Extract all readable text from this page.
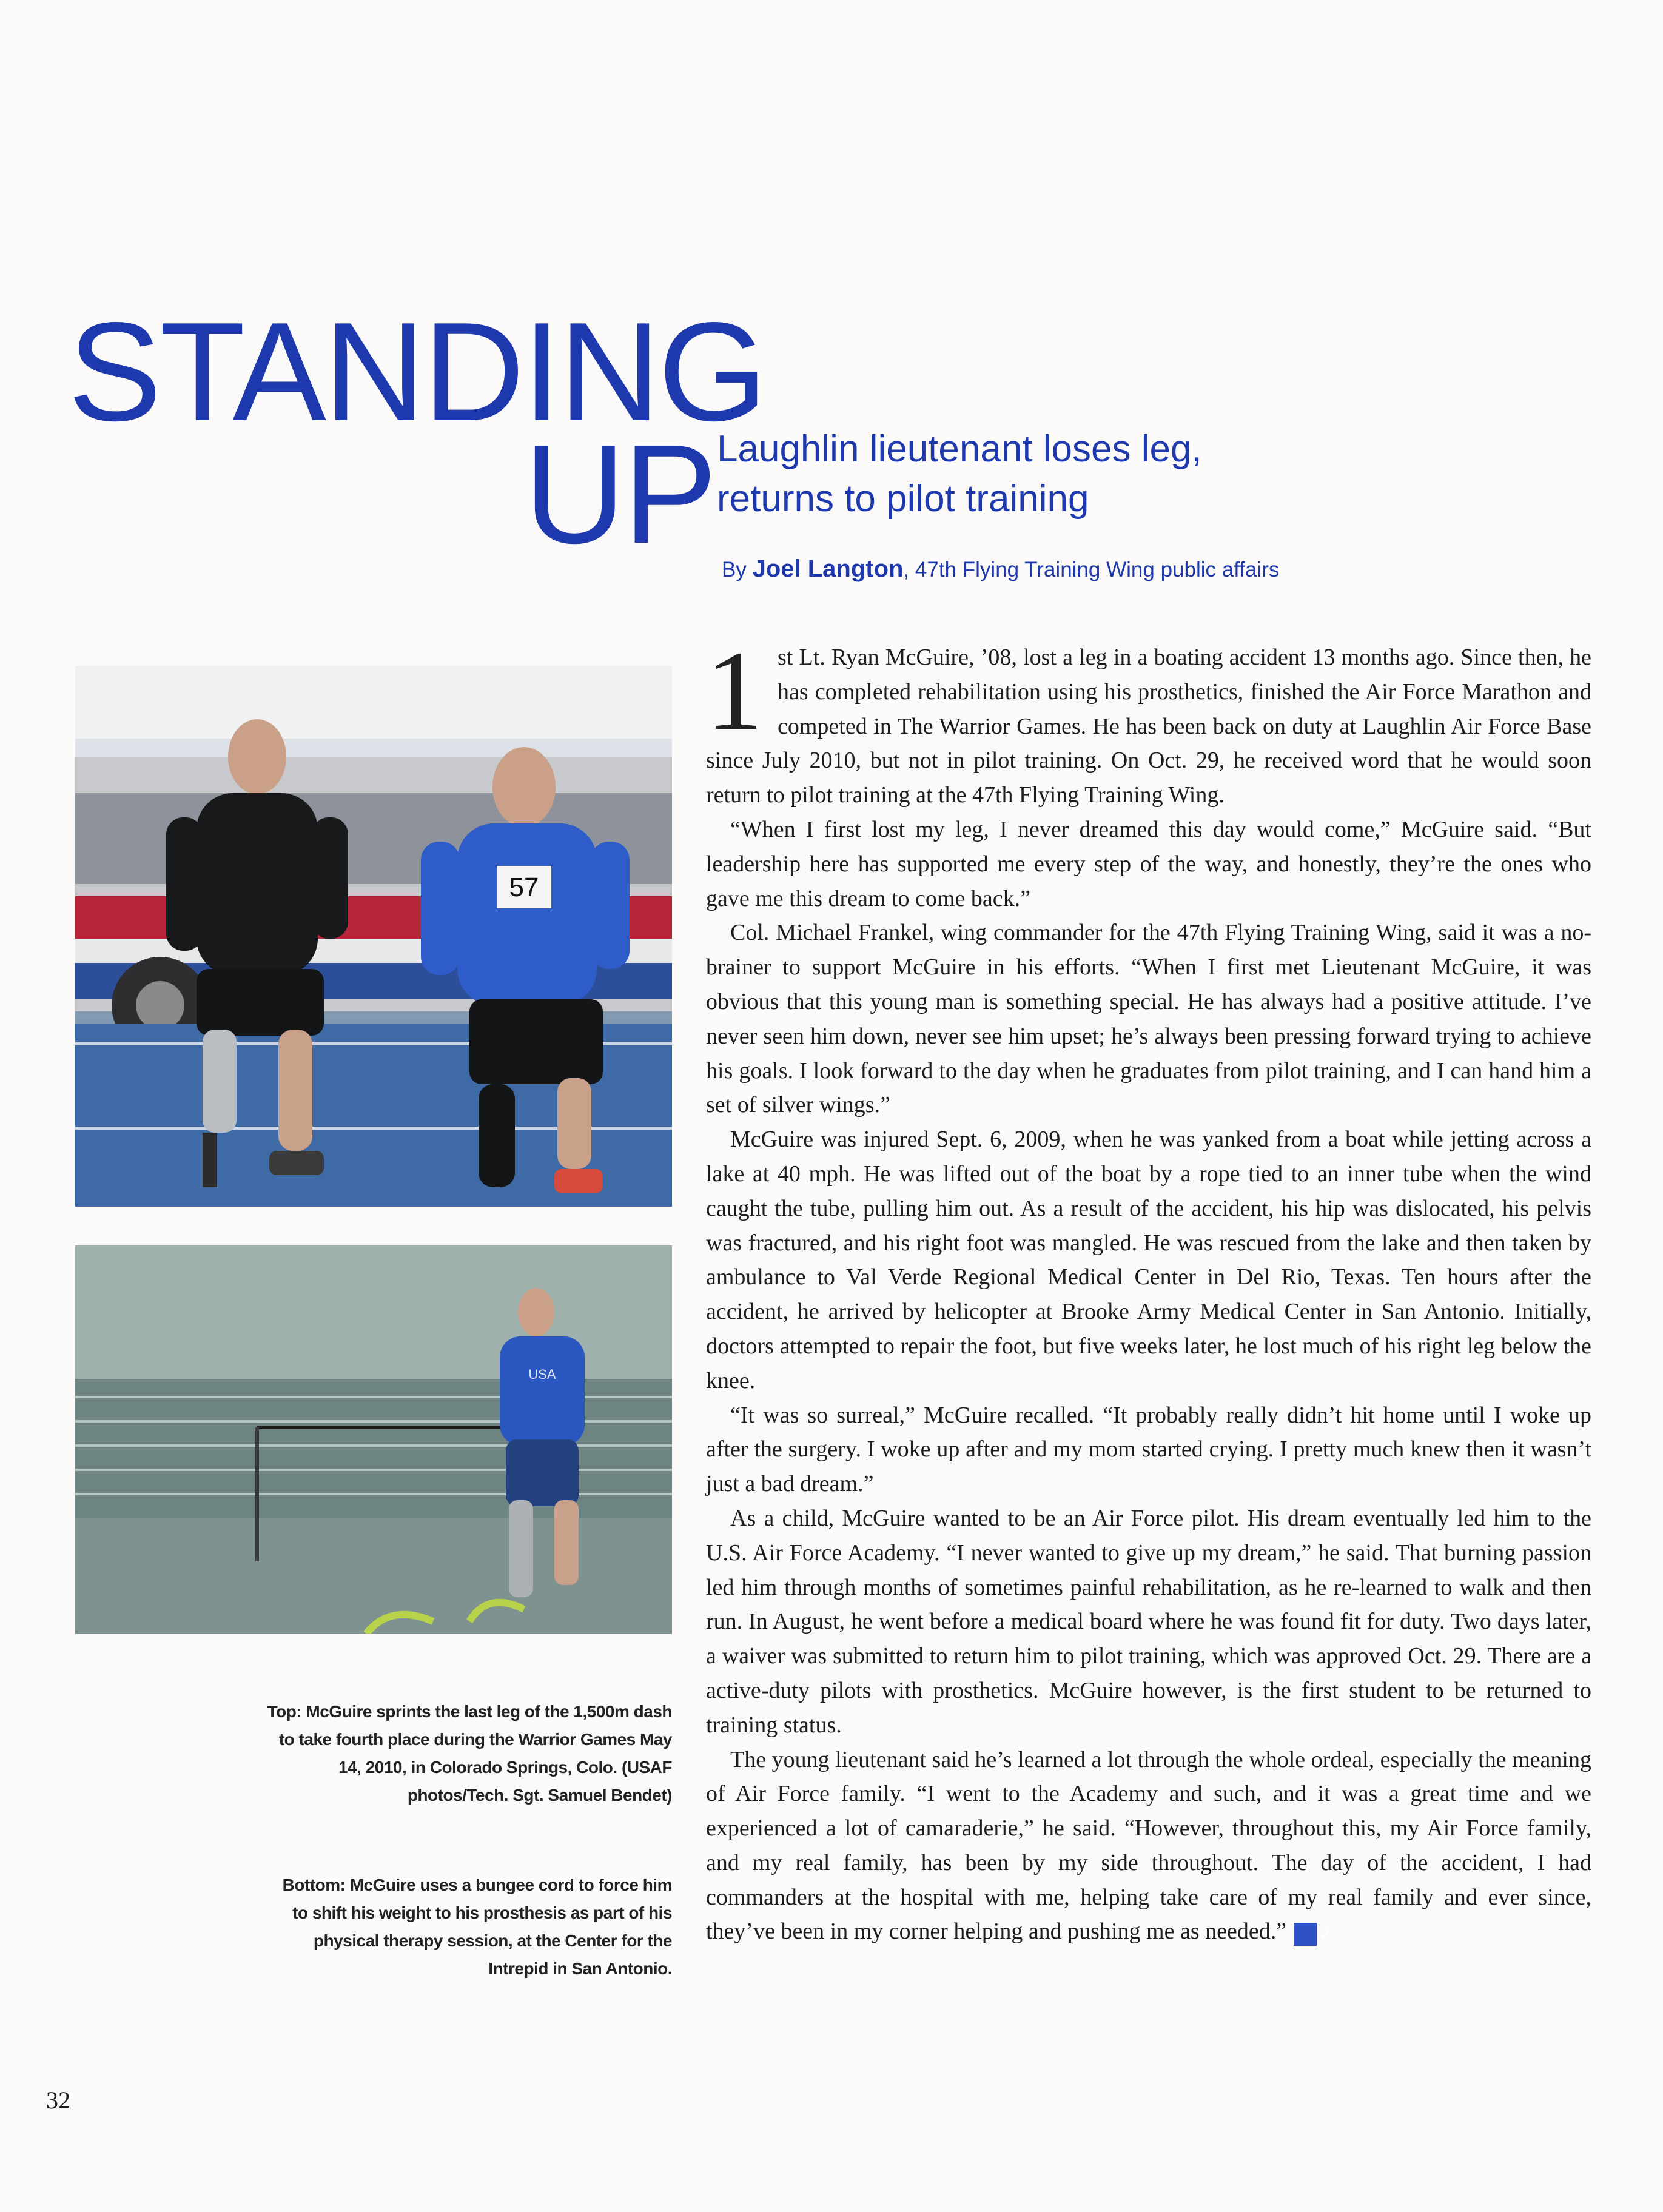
STANDING
UP Laughlin lieutenant loses leg,
returns to pilot training

By Joel Langton, 47th Flying Training Wing public affairs

57
USA

Top: McGuire sprints the last leg of the 1,500m dash to take fourth place during the Warrior Games May 14, 2010, in Colorado Springs, Colo. (USAF photos/Tech. Sgt. Samuel Bendet)

Bottom: McGuire uses a bungee cord to force him to shift his weight to his prosthesis as part of his physical therapy session, at the Center for the Intrepid in San Antonio.

1 st Lt. Ryan McGuire, ’08, lost a leg in a boating accident 13 months ago. Since then, he has completed rehabilitation using his prosthetics, finished the Air Force Marathon and competed in The Warrior Games. He has been back on duty at Laughlin Air Force Base since July 2010, but not in pilot training. On Oct. 29, he received word that he would soon return to pilot training at the 47th Flying Training Wing.

“When I first lost my leg, I never dreamed this day would come,” McGuire said. “But leadership here has supported me every step of the way, and honestly, they’re the ones who gave me this dream to come back.”

Col. Michael Frankel, wing commander for the 47th Flying Training Wing, said it was a no-brainer to support McGuire in his efforts. “When I first met Lieutenant McGuire, it was obvious that this young man is something special. He has always had a positive attitude. I’ve never seen him down, never see him upset; he’s always been pressing forward trying to achieve his goals. I look forward to the day when he graduates from pilot training, and I can hand him a set of silver wings.”

McGuire was injured Sept. 6, 2009, when he was yanked from a boat while jetting across a lake at 40 mph. He was lifted out of the boat by a rope tied to an inner tube when the wind caught the tube, pulling him out. As a result of the accident, his hip was dislocated, his pelvis was fractured, and his right foot was mangled. He was rescued from the lake and then taken by ambulance to Val Verde Regional Medical Center in Del Rio, Texas. Ten hours after the accident, he arrived by helicopter at Brooke Army Medical Center in San Antonio. Initially, doctors attempted to repair the foot, but five weeks later, he lost much of his right leg below the knee.

“It was so surreal,” McGuire recalled. “It probably really didn’t hit home until I woke up after the surgery. I woke up after and my mom started crying. I pretty much knew then it wasn’t just a bad dream.”

As a child, McGuire wanted to be an Air Force pilot. His dream eventually led him to the U.S. Air Force Academy. “I never wanted to give up my dream,” he said. That burning passion led him through months of sometimes painful rehabilitation, as he re-learned to walk and then run. In August, he went before a medical board where he was found fit for duty. Two days later, a waiver was submitted to return him to pilot training, which was approved Oct. 29. There are a active-duty pilots with prosthetics. McGuire however, is the first student to be returned to training status.

The young lieutenant said he’s learned a lot through the whole ordeal, especially the meaning of Air Force family. “I went to the Academy and such, and it was a great time and we experienced a lot of camaraderie,” he said. “However, throughout this, my Air Force family, and my real family, has been by my side throughout. The day of the accident, I had commanders at the hospital with me, helping take care of my real family and ever since, they’ve been in my corner helping and pushing me as needed.” ✓

32
